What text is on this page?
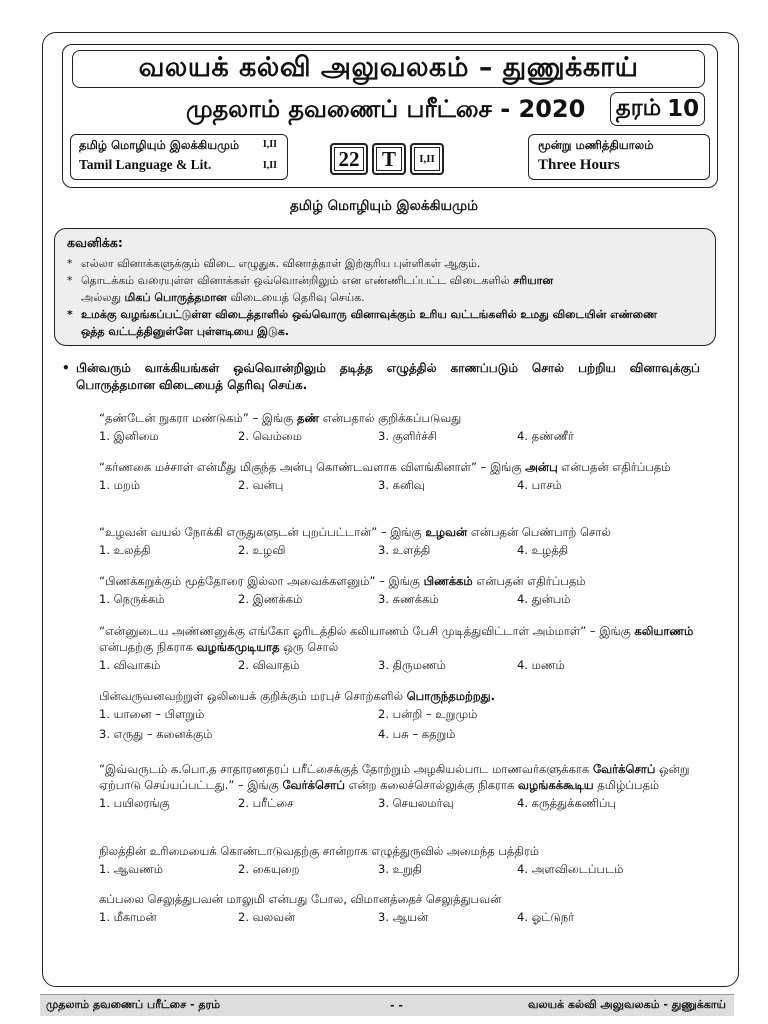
வலயக் கல்வி அலுவலகம் – துணுக்காய்
முதலாம் தவணைப் பரீட்சை - 2020 தரம் 10
தமிழ் மொழியும் இலக்கியமும் I,II
Tamil Language & Lit.	I,II	22 T I,II
மூன்று மணித்தியாலம்
Three Hours
தமிழ் மொழியும் இலக்கியமும்
கவனிக்க:
* எல்லா வினாக்களுக்கும் விடை எழுதுக. வினாத்தாள் இற்குரிய புள்ளிகள் ஆகும்.
* தொடக்கம் வரையுள்ள வினாக்கள் ஒவ்வொன்றிலும் என எண்ணிடப்பட்ட விடைகளில் சரியான
அல்லது மிகப் பொருத்தமான விடையைத் தெரிவு செய்க.
* உமக்கு வழங்கப்பட்டுள்ள விடைத்தாளில் ஒவ்வொரு வினாவுக்கும் உரிய வட்டங்களில் உமது விடையின் எண்ணை
ஒத்த வட்டத்தினுள்ளே புள்ளடியை இடுக.
• பின்வரும் வாக்கியங்கள் ஒவ்வொன்றிலும் தடித்த எழுத்தில் காணப்படும் சொல் பற்றிய வினாவுக்குப் பொருத்தமான விடையைத் தெரிவு செய்க.
“தண்டேன் நுகரா மண்டுகம்” – இங்கு தண் என்பதால் குறிக்கப்படுவது
1. இனிமை	2. வெம்மை	3. குளிர்ச்சி	4. தண்ணீர்
“கர்ணகை மச்சாள் என்மீது மிகுந்த அன்பு கொண்டவளாக விளங்கினாள்” – இங்கு அன்பு என்பதன் எதிர்ப்பதம்
1. மறம்	2. வன்பு	3. கனிவு	4. பாசம்
“உழவன் வயல் நோக்கி எருதுகளுடன் புறப்பட்டான்” – இங்கு உழவன் என்பதன் பெண்பாற் சொல்
1. உலத்தி	2. உழவி	3. உளத்தி	4. உழத்தி
“பிணக்கறுக்கும் மூத்தோரை இல்லா அவைக்களனும்” – இங்கு பிணக்கம் என்பதன் எதிர்ப்பதம்
1. நெருக்கம்	2. இணக்கம்	3. சுணக்கம்	4. துன்பம்
“என்னுடைய அண்ணனுக்கு எங்கோ ஓரிடத்தில் கலியாணம் பேசி முடித்துவிட்டாள் அம்மாள்” – இங்கு கலியாணம் என்பதற்கு நிகராக வழங்கமுடியாத ஒரு சொல்
1. விவாகம்	2. விவாதம்	3. திருமணம்	4. மணம்
பின்வருவனவற்றுள் ஒலியைக் குறிக்கும் மரபுச் சொற்களில் பொருந்தமற்றது.
1. யானை – பிளறும்	2. பன்றி – உறுமும்
3. எருது – கனைக்கும்	4. பசு – கதறும்
“இவ்வருடம் க.பொ.த சாதாரணதரப் பரீட்சைக்குத் தோற்றும் அழகியல்பாட மாணவர்களுக்காக வேர்க்சொப் ஒன்று ஏற்பாடு செய்யப்பட்டது.” – இங்கு வேர்க்சொப் என்ற கலைச்சொல்லுக்கு நிகராக வழங்கக்கூடிய தமிழ்ப்பதம்
1. பயிலரங்கு	2. பரீட்சை	3. செயலமர்வு	4. கருத்துக்கணிப்பு
நிலத்தின் உரிமையைக் கொண்டாடுவதற்கு சான்றாக எழுத்துருவில் அமைந்த பத்திரம்
1. ஆவணம்	2. கையுறை	3. உறுதி	4. அளவிடைப்படம்
கப்பலை செலுத்துபவன் மாலுமி என்பது போல, விமானத்தைச் செலுத்துபவன்
1. மீகாமன்	2. வலவன்	3. ஆயன்	4. ஓட்டுநர்
முதலாம் தவணைப் பரீட்சை - தரம்	- -	வலயக் கல்வி அலுவலகம் - துணுக்காய்
